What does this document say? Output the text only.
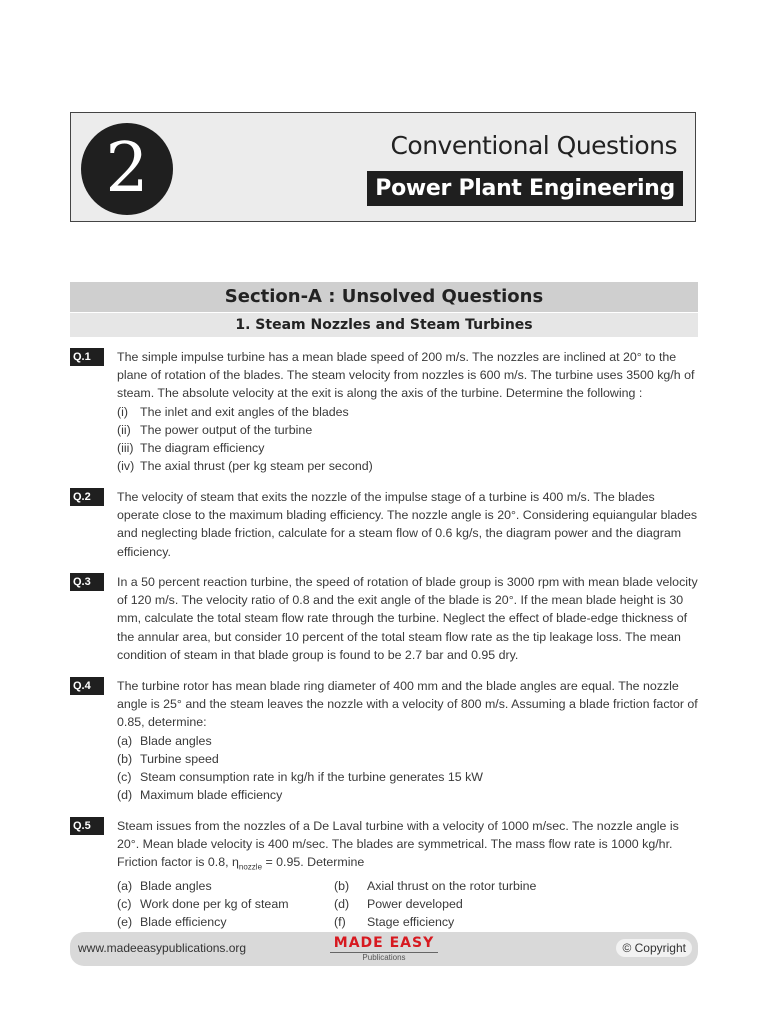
2	Conventional Questions
Power Plant Engineering
Section-A : Unsolved Questions
1. Steam Nozzles and Steam Turbines
Q.1	The simple impulse turbine has a mean blade speed of 200 m/s. The nozzles are inclined at 20° to the plane of rotation of the blades. The steam velocity from nozzles is 600 m/s. The turbine uses 3500 kg/h of steam. The absolute velocity at the exit is along the axis of the turbine. Determine the following :
(i) The inlet and exit angles of the blades
(ii) The power output of the turbine
(iii) The diagram efficiency
(iv) The axial thrust (per kg steam per second)
Q.2	The velocity of steam that exits the nozzle of the impulse stage of a turbine is 400 m/s. The blades operate close to the maximum blading efficiency. The nozzle angle is 20°. Considering equiangular blades and neglecting blade friction, calculate for a steam flow of 0.6 kg/s, the diagram power and the diagram efficiency.
Q.3	In a 50 percent reaction turbine, the speed of rotation of blade group is 3000 rpm with mean blade velocity of 120 m/s. The velocity ratio of 0.8 and the exit angle of the blade is 20°. If the mean blade height is 30 mm, calculate the total steam flow rate through the turbine. Neglect the effect of blade-edge thickness of the annular area, but consider 10 percent of the total steam flow rate as the tip leakage loss. The mean condition of steam in that blade group is found to be 2.7 bar and 0.95 dry.
Q.4	The turbine rotor has mean blade ring diameter of 400 mm and the blade angles are equal. The nozzle angle is 25° and the steam leaves the nozzle with a velocity of 800 m/s. Assuming a blade friction factor of 0.85, determine:
(a) Blade angles
(b) Turbine speed
(c) Steam consumption rate in kg/h if the turbine generates 15 kW
(d) Maximum blade efficiency
Q.5	Steam issues from the nozzles of a De Laval turbine with a velocity of 1000 m/sec. The nozzle angle is 20°. Mean blade velocity is 400 m/sec. The blades are symmetrical. The mass flow rate is 1000 kg/hr. Friction factor is 0.8, $\eta_{nozzle} = 0.95$. Determine
(a) Blade angles	(b)	Axial thrust on the rotor turbine
(c) Work done per kg of steam	(d)	Power developed
(e) Blade efficiency	(f)	Stage efficiency
www.madeeasypublications.org	MADE EASY
Publications
© Copyright
